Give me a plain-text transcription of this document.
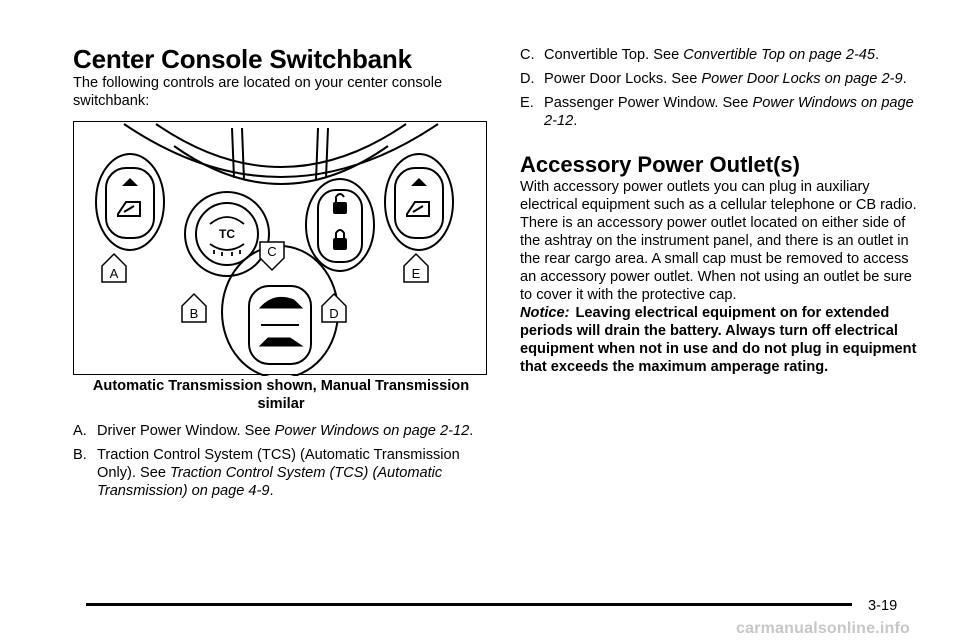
Center Console Switchbank

The following controls are located on your center console switchbank:

TC
A
B
C
D
E
Automatic Transmission shown, Manual Transmission similar
A. Driver Power Window. See Power Windows on page 2-12.
B. Traction Control System (TCS) (Automatic Transmission Only). See Traction Control System (TCS) (Automatic Transmission) on page 4-9.
C. Convertible Top. See Convertible Top on page 2-45.
D. Power Door Locks. See Power Door Locks on page 2-9.
E. Passenger Power Window. See Power Windows on page 2-12.
Accessory Power Outlet(s)

With accessory power outlets you can plug in auxiliary electrical equipment such as a cellular telephone or CB radio.

There is an accessory power outlet located on either side of the ashtray on the instrument panel, and there is an outlet in the rear cargo area. A small cap must be removed to access an accessory power outlet. When not using an outlet be sure to cover it with the protective cap.

Notice: Leaving electrical equipment on for extended periods will drain the battery. Always turn off electrical equipment when not in use and do not plug in equipment that exceeds the maximum amperage rating.

3-19
carmanualsonline.info
